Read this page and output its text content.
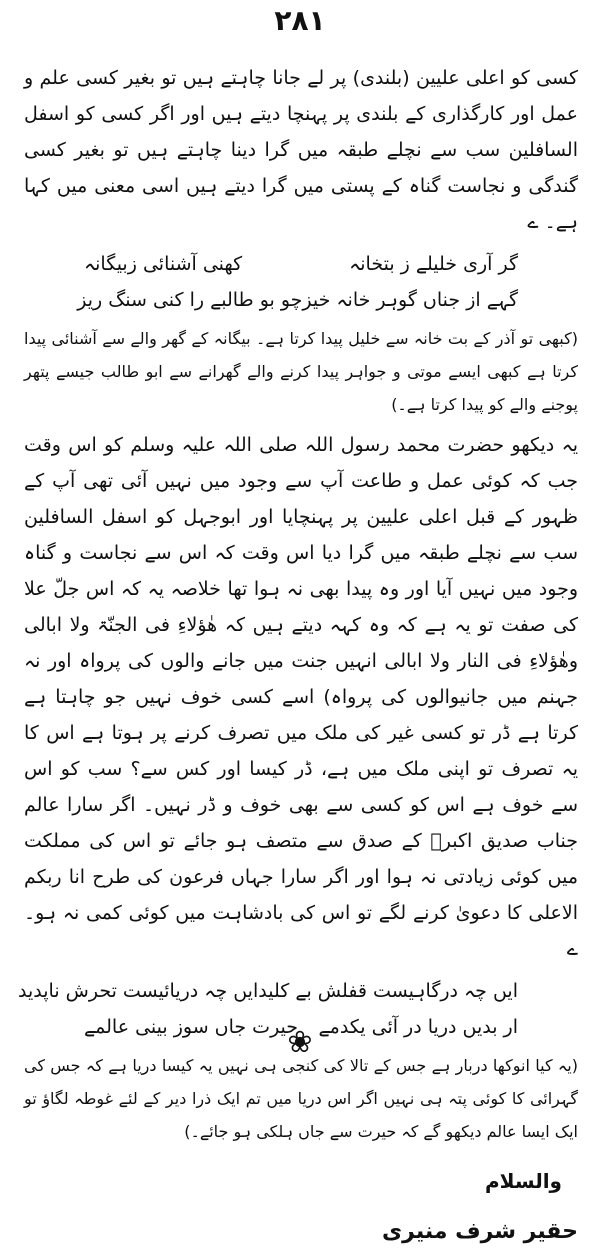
۲۸۱

کسی کو اعلی علیین (بلندی) پر لے جانا چاہتے ہیں تو بغیر کسی علم و عمل اور کارگذاری کے بلندی پر پہنچا دیتے ہیں اور اگر کسی کو اسفل السافلین سب سے نچلے طبقہ میں گرا دینا چاہتے ہیں تو بغیر کسی گندگی و نجاست گناہ کے پستی میں گرا دیتے ہیں اسی معنی میں کہا ہے۔ ے

گر آری خلیلے ز بتخانہ
کھنی آشنائی زبیگانہ
گہے از جناں گوہر خانہ خیز
چو بو طالبے را کنی سنگ ریز

(کبھی تو آذر کے بت خانہ سے خلیل پیدا کرتا ہے۔ بیگانہ کے گھر والے سے آشنائی پیدا کرتا ہے کبھی ایسے موتی و جواہر پیدا کرنے والے گھرانے سے ابو طالب جیسے پتھر پوجنے والے کو پیدا کرتا ہے۔)

یہ دیکھو حضرت محمد رسول اللہ صلی اللہ علیہ وسلم کو اس وقت جب کہ کوئی عمل و طاعت آپ سے وجود میں نہیں آئی تھی آپ کے ظہور کے قبل اعلی علیین پر پہنچایا اور ابوجہل کو اسفل السافلین سب سے نچلے طبقہ میں گرا دیا اس وقت کہ اس سے نجاست و گناہ وجود میں نہیں آیا اور وہ پیدا بھی نہ ہوا تھا خلاصہ یہ کہ اس جلّ علا کی صفت تو یہ ہے کہ وہ کہہ دیتے ہیں کہ ھٰؤلاءِ فی الجنّۃ ولا ابالی وھٰؤلاءِ فی النار ولا ابالی انہیں جنت میں جانے والوں کی پرواہ اور نہ جہنم میں جانیوالوں کی پرواہ) اسے کسی خوف نہیں جو چاہتا ہے کرتا ہے ڈر تو کسی غیر کی ملک میں تصرف کرنے پر ہوتا ہے اس کا یہ تصرف تو اپنی ملک میں ہے، ڈر کیسا اور کس سے؟ سب کو اس سے خوف ہے اس کو کسی سے بھی خوف و ڈر نہیں۔ اگر سارا عالم جناب صدیق اکبرؓ کے صدق سے متصف ہو جائے تو اس کی مملکت میں کوئی زیادتی نہ ہوا اور اگر سارا جہاں فرعون کی طرح انا ربکم الاعلی کا دعویٰ کرنے لگے تو اس کی بادشاہت میں کوئی کمی نہ ہو۔ ے

ایں چہ درگاہیست قفلش بے کلید
ایں چہ دریائیست تحرش ناپدید
ار بدیں دریا در آئی یکدمے
حیرت جاں سوز بینی عالمے

(یہ کیا انوکھا دربار ہے جس کے تالا کی کنجی ہی نہیں یہ کیسا دریا ہے کہ جس کی گہرائی کا کوئی پتہ ہی نہیں اگر اس دریا میں تم ایک ذرا دیر کے لئے غوطہ لگاؤ تو ایک ایسا عالم دیکھو گے کہ حیرت سے جاں ہلکی ہو جائے۔)

والسلام
حقیر شرف منیری
❀
